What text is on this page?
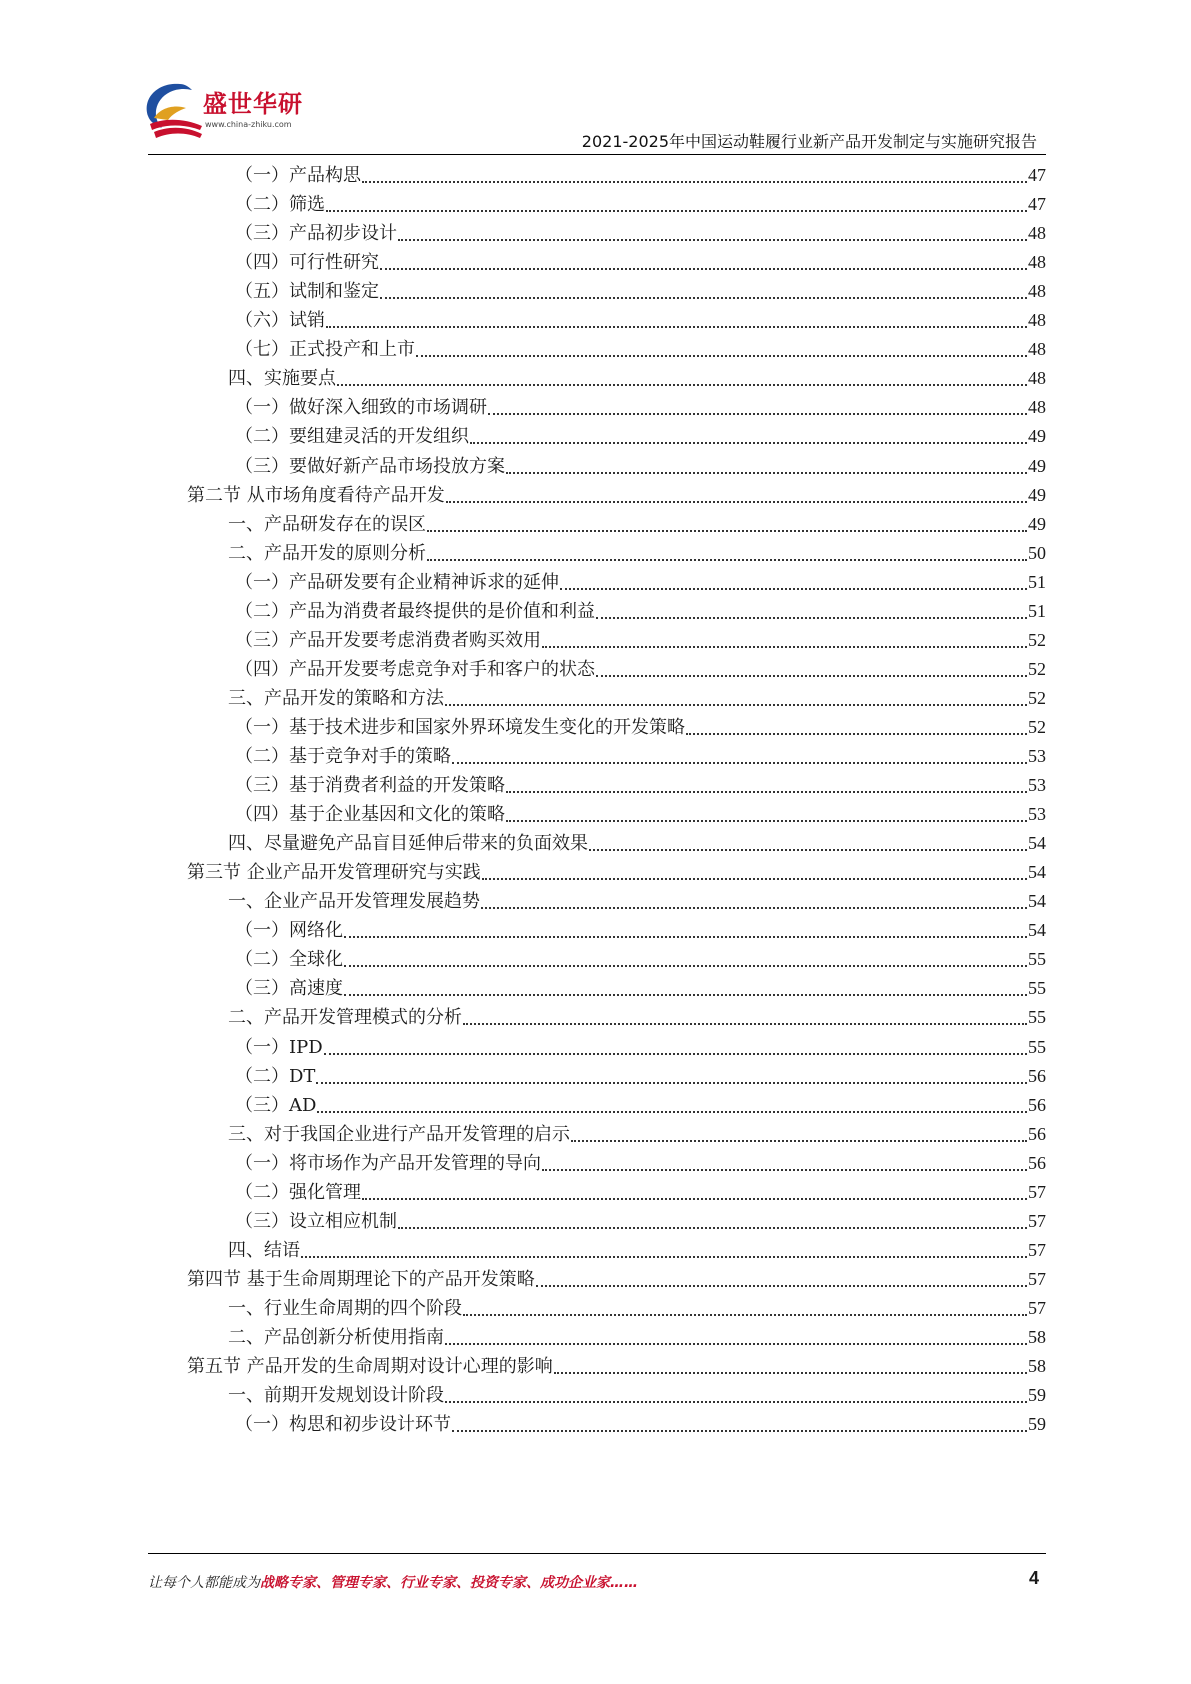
盛世华研
www.china-zhiku.com
2021-2025年中国运动鞋履行业新产品开发制定与实施研究报告
（一）产品构思	47
（二）筛选	47
（三）产品初步设计	48
（四）可行性研究	48
（五）试制和鉴定	48
（六）试销	48
（七）正式投产和上市	48
四、实施要点	48
（一）做好深入细致的市场调研	48
（二）要组建灵活的开发组织	49
（三）要做好新产品市场投放方案	49
第二节 从市场角度看待产品开发	49
一、产品研发存在的误区	49
二、产品开发的原则分析	50
（一）产品研发要有企业精神诉求的延伸	51
（二）产品为消费者最终提供的是价值和利益	51
（三）产品开发要考虑消费者购买效用	52
（四）产品开发要考虑竞争对手和客户的状态	52
三、产品开发的策略和方法	52
（一）基于技术进步和国家外界环境发生变化的开发策略	52
（二）基于竞争对手的策略	53
（三）基于消费者利益的开发策略	53
（四）基于企业基因和文化的策略	53
四、尽量避免产品盲目延伸后带来的负面效果	54
第三节 企业产品开发管理研究与实践	54
一、企业产品开发管理发展趋势	54
（一）网络化	54
（二）全球化	55
（三）高速度	55
二、产品开发管理模式的分析	55
（一）IPD	55
（二）DT	56
（三）AD	56
三、对于我国企业进行产品开发管理的启示	56
（一）将市场作为产品开发管理的导向	56
（二）强化管理	57
（三）设立相应机制	57
四、结语	57
第四节 基于生命周期理论下的产品开发策略	57
一、行业生命周期的四个阶段	57
二、产品创新分析使用指南	58
第五节 产品开发的生命周期对设计心理的影响	58
一、前期开发规划设计阶段	59
（一）构思和初步设计环节	59
让每个人都能成为战略专家、管理专家、行业专家、投资专家、成功企业家……	4
